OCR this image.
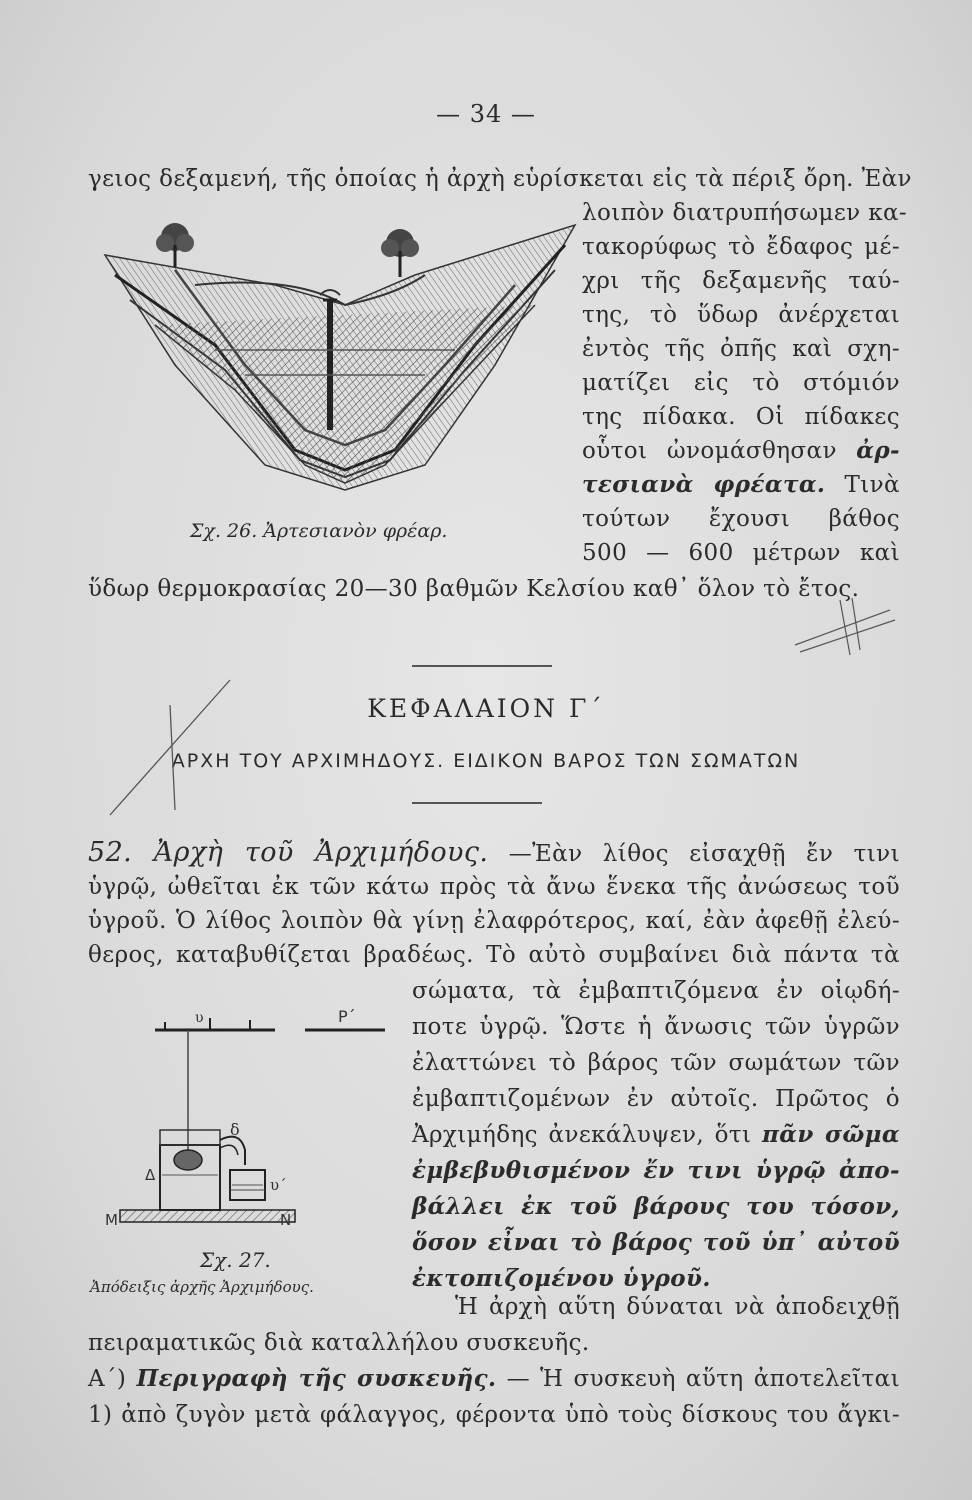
— 34 —
γειος δεξαμενή, τῆς ὁποίας ἡ ἀρχὴ εὑρίσκεται εἰς τὰ πέριξ ὄρη. Ἐὰν
λοιπὸν διατρυπήσωμεν κα-
τακορύφως τὸ ἔδαφος μέ-
χρι τῆς δεξαμενῆς ταύ-
της, τὸ ὕδωρ ἀνέρχεται
ἐντὸς τῆς ὀπῆς καὶ σχη-
ματίζει εἰς τὸ στόμιόν
της πίδακα. Οἱ πίδακες
οὗτοι ὠνομάσθησαν ἀρ-
τεσιανὰ φρέατα. Τινὰ
τούτων ἔχουσι βάθος
500 — 600 μέτρων καὶ
ὕδωρ θερμοκρασίας 20—30 βαθμῶν Κελσίου καθ᾽ ὅλον τὸ ἔτος.
Σχ. 26. Ἀρτεσιανὸν φρέαρ.
ΚΕΦΑΛΑΙΟΝ Γ΄
ΑΡΧΗ ΤΟΥ ΑΡΧΙΜΗΔΟΥΣ. ΕΙΔΙΚΟΝ ΒΑΡΟΣ ΤΩΝ ΣΩΜΑΤΩΝ
52. Ἀρχὴ τοῦ Ἀρχιμήδους. —Ἐὰν λίθος εἰσαχθῇ ἔν τινι
ὑγρῷ, ὠθεῖται ἐκ τῶν κάτω πρὸς τὰ ἄνω ἕνεκα τῆς ἀνώσεως τοῦ
ὑγροῦ. Ὁ λίθος λοιπὸν θὰ γίνῃ ἐλαφρότερος, καί, ἐὰν ἀφεθῇ ἐλεύ-
θερος, καταβυθίζεται βραδέως. Τὸ αὐτὸ συμβαίνει διὰ πάντα τὰ
σώματα, τὰ ἐμβαπτιζόμενα ἐν οἱῳδή-
ποτε ὑγρῷ. Ὥστε ἡ ἄνωσις τῶν ὑγρῶν
ἐλαττώνει τὸ βάρος τῶν σωμάτων τῶν
ἐμβαπτιζομένων ἐν αὐτοῖς. Πρῶτος ὁ
Ἀρχιμήδης ἀνεκάλυψεν, ὅτι πᾶν σῶμα
ἐμβεβυθισμένον ἔν τινι ὑγρῷ ἀπο-
βάλλει ἐκ τοῦ βάρους του τόσον,
ὅσον εἶναι τὸ βάρος τοῦ ὑπ᾽ αὐτοῦ
ἐκτοπιζομένου ὑγροῦ.
Ἡ ἀρχὴ αὕτη δύναται νὰ ἀποδειχθῇ
πειραματικῶς διὰ καταλλήλου συσκευῆς.
Α΄) Περιγραφὴ τῆς συσκευῆς. — Ἡ συσκευὴ αὕτη ἀποτελεῖται
1) ἀπὸ ζυγὸν μετὰ φάλαγγος, φέροντα ὑπὸ τοὺς δίσκους του ἄγκι-
υ	Ρ΄
δ
Δ
υ΄
Μ	Ν
Σχ. 27.
Ἀπόδειξις ἀρχῆς Ἀρχιμήδους.
